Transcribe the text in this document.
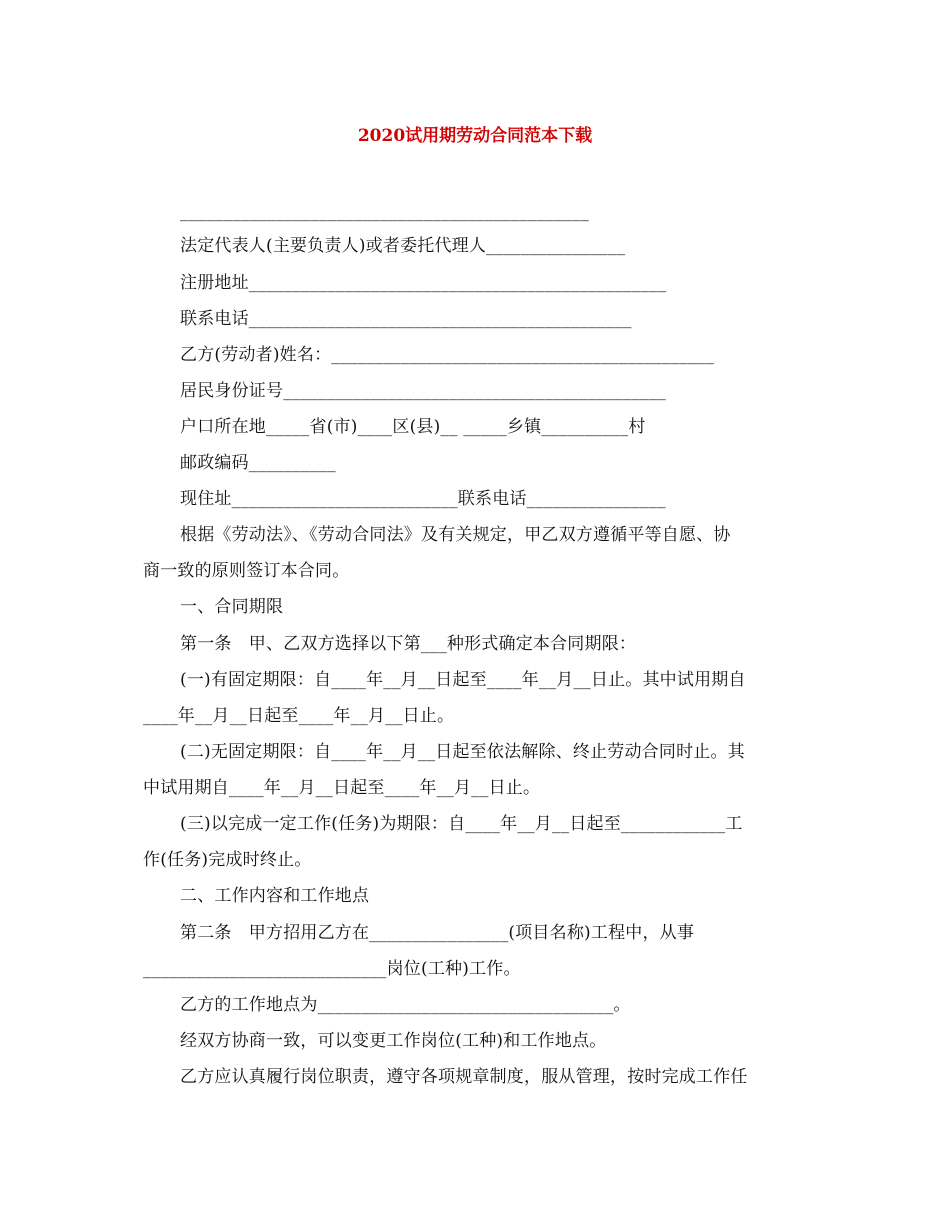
2020试用期劳动合同范本下载
_______________________________________________
法定代表人(主要负责人)或者委托代理人________________
注册地址________________________________________________
联系电话____________________________________________
乙方(劳动者)姓名：____________________________________________
居民身份证号____________________________________________
户口所在地_____省(市)____区(县)__ _____乡镇__________村
邮政编码__________
现住址__________________________联系电话________________
根据《劳动法》、《劳动合同法》及有关规定，甲乙双方遵循平等自愿、协
商一致的原则签订本合同。
一、合同期限
第一条　甲、乙双方选择以下第___种形式确定本合同期限：
(一)有固定期限：自____年__月__日起至____年__月__日止。其中试用期自
____年__月__日起至____年__月__日止。
(二)无固定期限：自____年__月__日起至依法解除、终止劳动合同时止。其
中试用期自____年__月__日起至____年__月__日止。
(三)以完成一定工作(任务)为期限：自____年__月__日起至____________工
作(任务)完成时终止。
二、工作内容和工作地点
第二条　甲方招用乙方在________________(项目名称)工程中，从事
____________________________岗位(工种)工作。
乙方的工作地点为__________________________________。
经双方协商一致，可以变更工作岗位(工种)和工作地点。
乙方应认真履行岗位职责，遵守各项规章制度，服从管理，按时完成工作任
